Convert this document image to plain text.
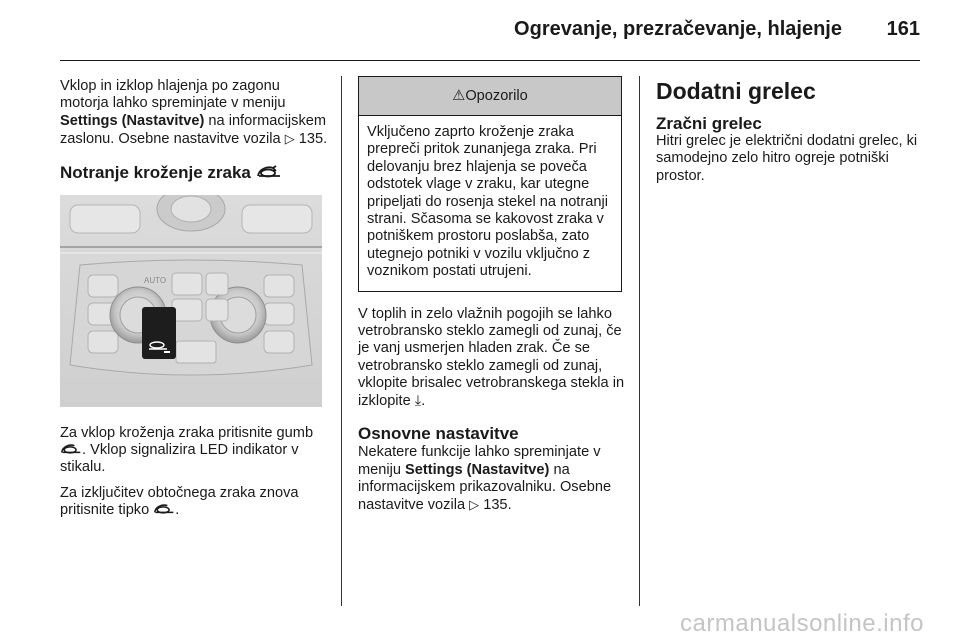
Ogrevanje, prezračevanje, hlajenje 161

Vklop in izklop hlajenja po zagonu motorja lahko spreminjate v meniju Settings (Nastavitve) na informacijskem zaslonu. Osebne nastavitve vozila ▷ 135.

Notranje kroženje zraka
AUTO

Za vklop kroženja zraka pritisnite gumb . Vklop signalizira LED indikator v stikalu.

Za izključitev obtočnega zraka znova pritisnite tipko .

⚠Opozorilo
Vključeno zaprto kroženje zraka prepreči pritok zunanjega zraka. Pri delovanju brez hlajenja se poveča odstotek vlage v zraku, kar utegne pripeljati do rosenja stekel na notranji strani. Sčasoma se kakovost zraka v potniškem prostoru poslabša, zato utegnejo potniki v vozilu vključno z voznikom postati utrujeni.

V toplih in zelo vlažnih pogojih se lahko vetrobransko steklo zamegli od zunaj, če je vanj usmerjen hladen zrak. Če se vetrobransko steklo zamegli od zunaj, vklopite brisalec vetrobranskega stekla in izklopite ⤓.

Osnovne nastavitve

Nekatere funkcije lahko spreminjate v meniju Settings (Nastavitve) na informacijskem prikazovalniku. Osebne nastavitve vozila ▷ 135.

Dodatni grelec
Zračni grelec

Hitri grelec je električni dodatni grelec, ki samodejno zelo hitro ogreje potniški prostor.

carmanualsonline.info
